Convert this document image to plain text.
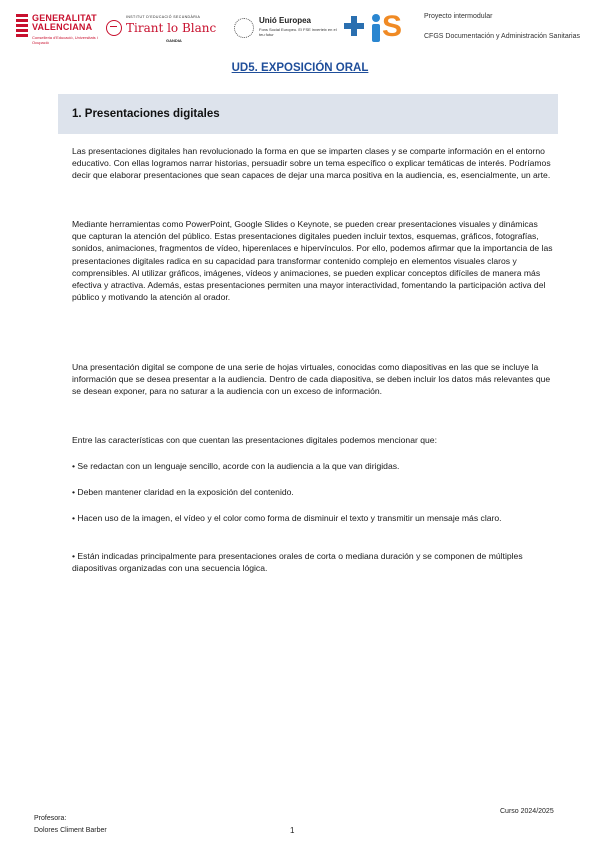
GENERALITAT
VALENCIANA
Conselleria d'Educació, Universitats i Ocupació
INSTITUT D'EDUCACIÓ SECUNDÀRIA
Tirant lo Blanc
GANDIA
Unió Europea
Fons Social Europeu. El FSE inverteix en el teu futur	S	Proyecto intermodular
CFGS Documentación y Administración Sanitarias
UD5. EXPOSICIÓN ORAL
1. Presentaciones digitales

Las presentaciones digitales han revolucionado la forma en que se imparten clases y se comparte información en el entorno educativo. Con ellas logramos narrar historias, persuadir sobre un tema específico o explicar temáticas de interés. Podríamos decir que elaborar presentaciones que sean capaces de dejar una marca positiva en la audiencia, es, esencialmente, un arte.

Mediante herramientas como PowerPoint, Google Slides o Keynote, se pueden crear presentaciones visuales y dinámicas que capturan la atención del público. Estas presentaciones digitales pueden incluir textos, esquemas, gráficos, fotografías, sonidos, animaciones, fragmentos de vídeo, hiperenlaces e hipervínculos. Por ello, podemos afirmar que la importancia de las presentaciones digitales radica en su capacidad para transformar contenido complejo en elementos visuales claros y comprensibles. Al utilizar gráficos, imágenes, vídeos y animaciones, se pueden explicar conceptos difíciles de manera más efectiva y atractiva. Además, estas presentaciones permiten una mayor interactividad, fomentando la participación activa del público y motivando la atención al orador.

Una presentación digital se compone de una serie de hojas virtuales, conocidas como diapositivas en las que se incluye la información que se desea presentar a la audiencia. Dentro de cada diapositiva, se deben incluir los datos más relevantes que se desean exponer, para no saturar a la audiencia con un exceso de información.

Entre las características con que cuentan las presentaciones digitales podemos mencionar que:

• Se redactan con un lenguaje sencillo, acorde con la audiencia a la que van dirigidas.

• Deben mantener claridad en la exposición del contenido.

• Hacen uso de la imagen, el vídeo y el color como forma de disminuir el texto y transmitir un mensaje más claro.

• Están indicadas principalmente para presentaciones orales de corta o mediana duración y se componen de múltiples diapositivas organizadas con una secuencia lógica.

Profesora:
Dolores Climent Barber	1
Curso 2024/2025
